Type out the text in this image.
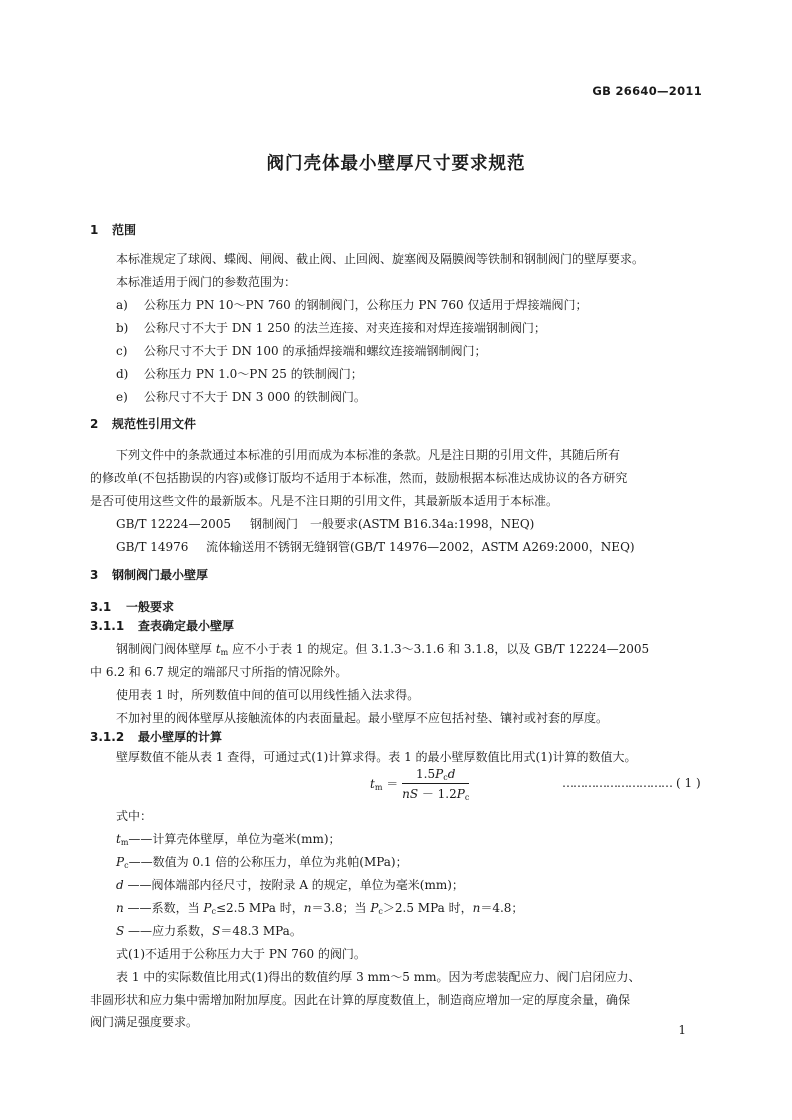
GB 26640—2011
阀门壳体最小壁厚尺寸要求规范
1 范围
本标准规定了球阀、蝶阀、闸阀、截止阀、止回阀、旋塞阀及隔膜阀等铁制和钢制阀门的壁厚要求。
本标准适用于阀门的参数范围为：
a) 公称压力 PN 10～PN 760 的钢制阀门，公称压力 PN 760 仅适用于焊接端阀门；
b) 公称尺寸不大于 DN 1 250 的法兰连接、对夹连接和对焊连接端钢制阀门；
c) 公称尺寸不大于 DN 100 的承插焊接端和螺纹连接端钢制阀门；
d) 公称压力 PN 1.0～PN 25 的铁制阀门；
e) 公称尺寸不大于 DN 3 000 的铁制阀门。
2 规范性引用文件
下列文件中的条款通过本标准的引用而成为本标准的条款。凡是注日期的引用文件，其随后所有
的修改单(不包括勘误的内容)或修订版均不适用于本标准，然而，鼓励根据本标准达成协议的各方研究
是否可使用这些文件的最新版本。凡是不注日期的引用文件，其最新版本适用于本标准。
GB/T 12224—2005 钢制阀门　一般要求(ASTM B16.34a:1998，NEQ)
GB/T 14976 流体输送用不锈钢无缝钢管(GB/T 14976—2002，ASTM A269:2000，NEQ)
3 钢制阀门最小壁厚
3.1 一般要求
3.1.1 查表确定最小壁厚
钢制阀门阀体壁厚 $t_m$ 应不小于表 1 的规定。但 3.1.3～3.1.6 和 3.1.8，以及 GB/T 12224—2005
中 6.2 和 6.7 规定的端部尺寸所指的情况除外。
使用表 1 时，所列数值中间的值可以用线性插入法求得。
不加衬里的阀体壁厚从接触流体的内表面量起。最小壁厚不应包括衬垫、镶衬或衬套的厚度。
3.1.2 最小壁厚的计算
壁厚数值不能从表 1 查得，可通过式(1)计算求得。表 1 的最小壁厚数值比用式(1)计算的数值大。
$t_m = \frac{1.5P_cd}{nS - 1.2P_c}$	………………………… ( 1 )
式中：
$t_m——$计算壳体壁厚，单位为毫米(mm)；
$P_c——$数值为 0.1 倍的公称压力，单位为兆帕(MPa)；
d ——阀体端部内径尺寸，按附录 A 的规定，单位为毫米(mm)；
n ——系数，当 $P_c\le 2.5$ MPa 时，n＝3.8；当 $P_c>2.5$ MPa 时，n＝4.8；
S ——应力系数，S＝48.3 MPa。
式(1)不适用于公称压力大于 PN 760 的阀门。
表 1 中的实际数值比用式(1)得出的数值约厚 3 mm～5 mm。因为考虑装配应力、阀门启闭应力、
非圆形状和应力集中需增加附加厚度。因此在计算的厚度数值上，制造商应增加一定的厚度余量，确保
阀门满足强度要求。
1
